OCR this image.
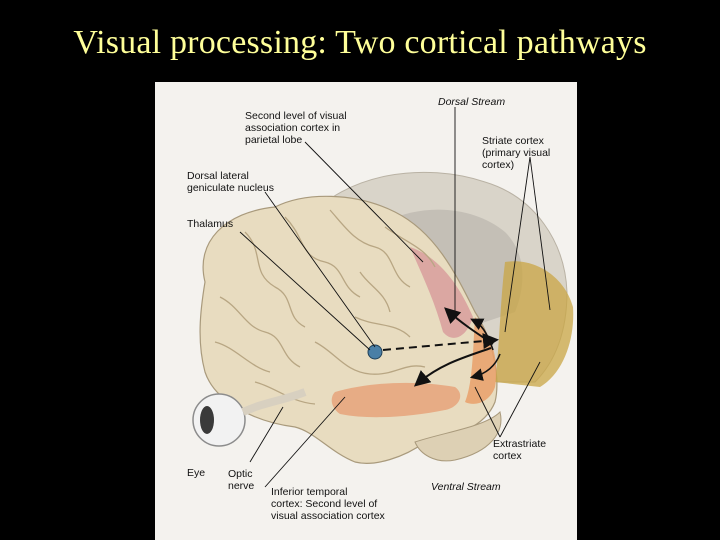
Visual processing: Two cortical pathways
Second level of visual
association cortex in
parietal lobe
Dorsal Stream
Striate cortex
(primary visual
cortex)
Dorsal lateral
geniculate nucleus
Thalamus
Extrastriate
cortex
Ventral Stream
Eye Optic
nerve Inferior temporal
cortex: Second level of
visual association cortex
